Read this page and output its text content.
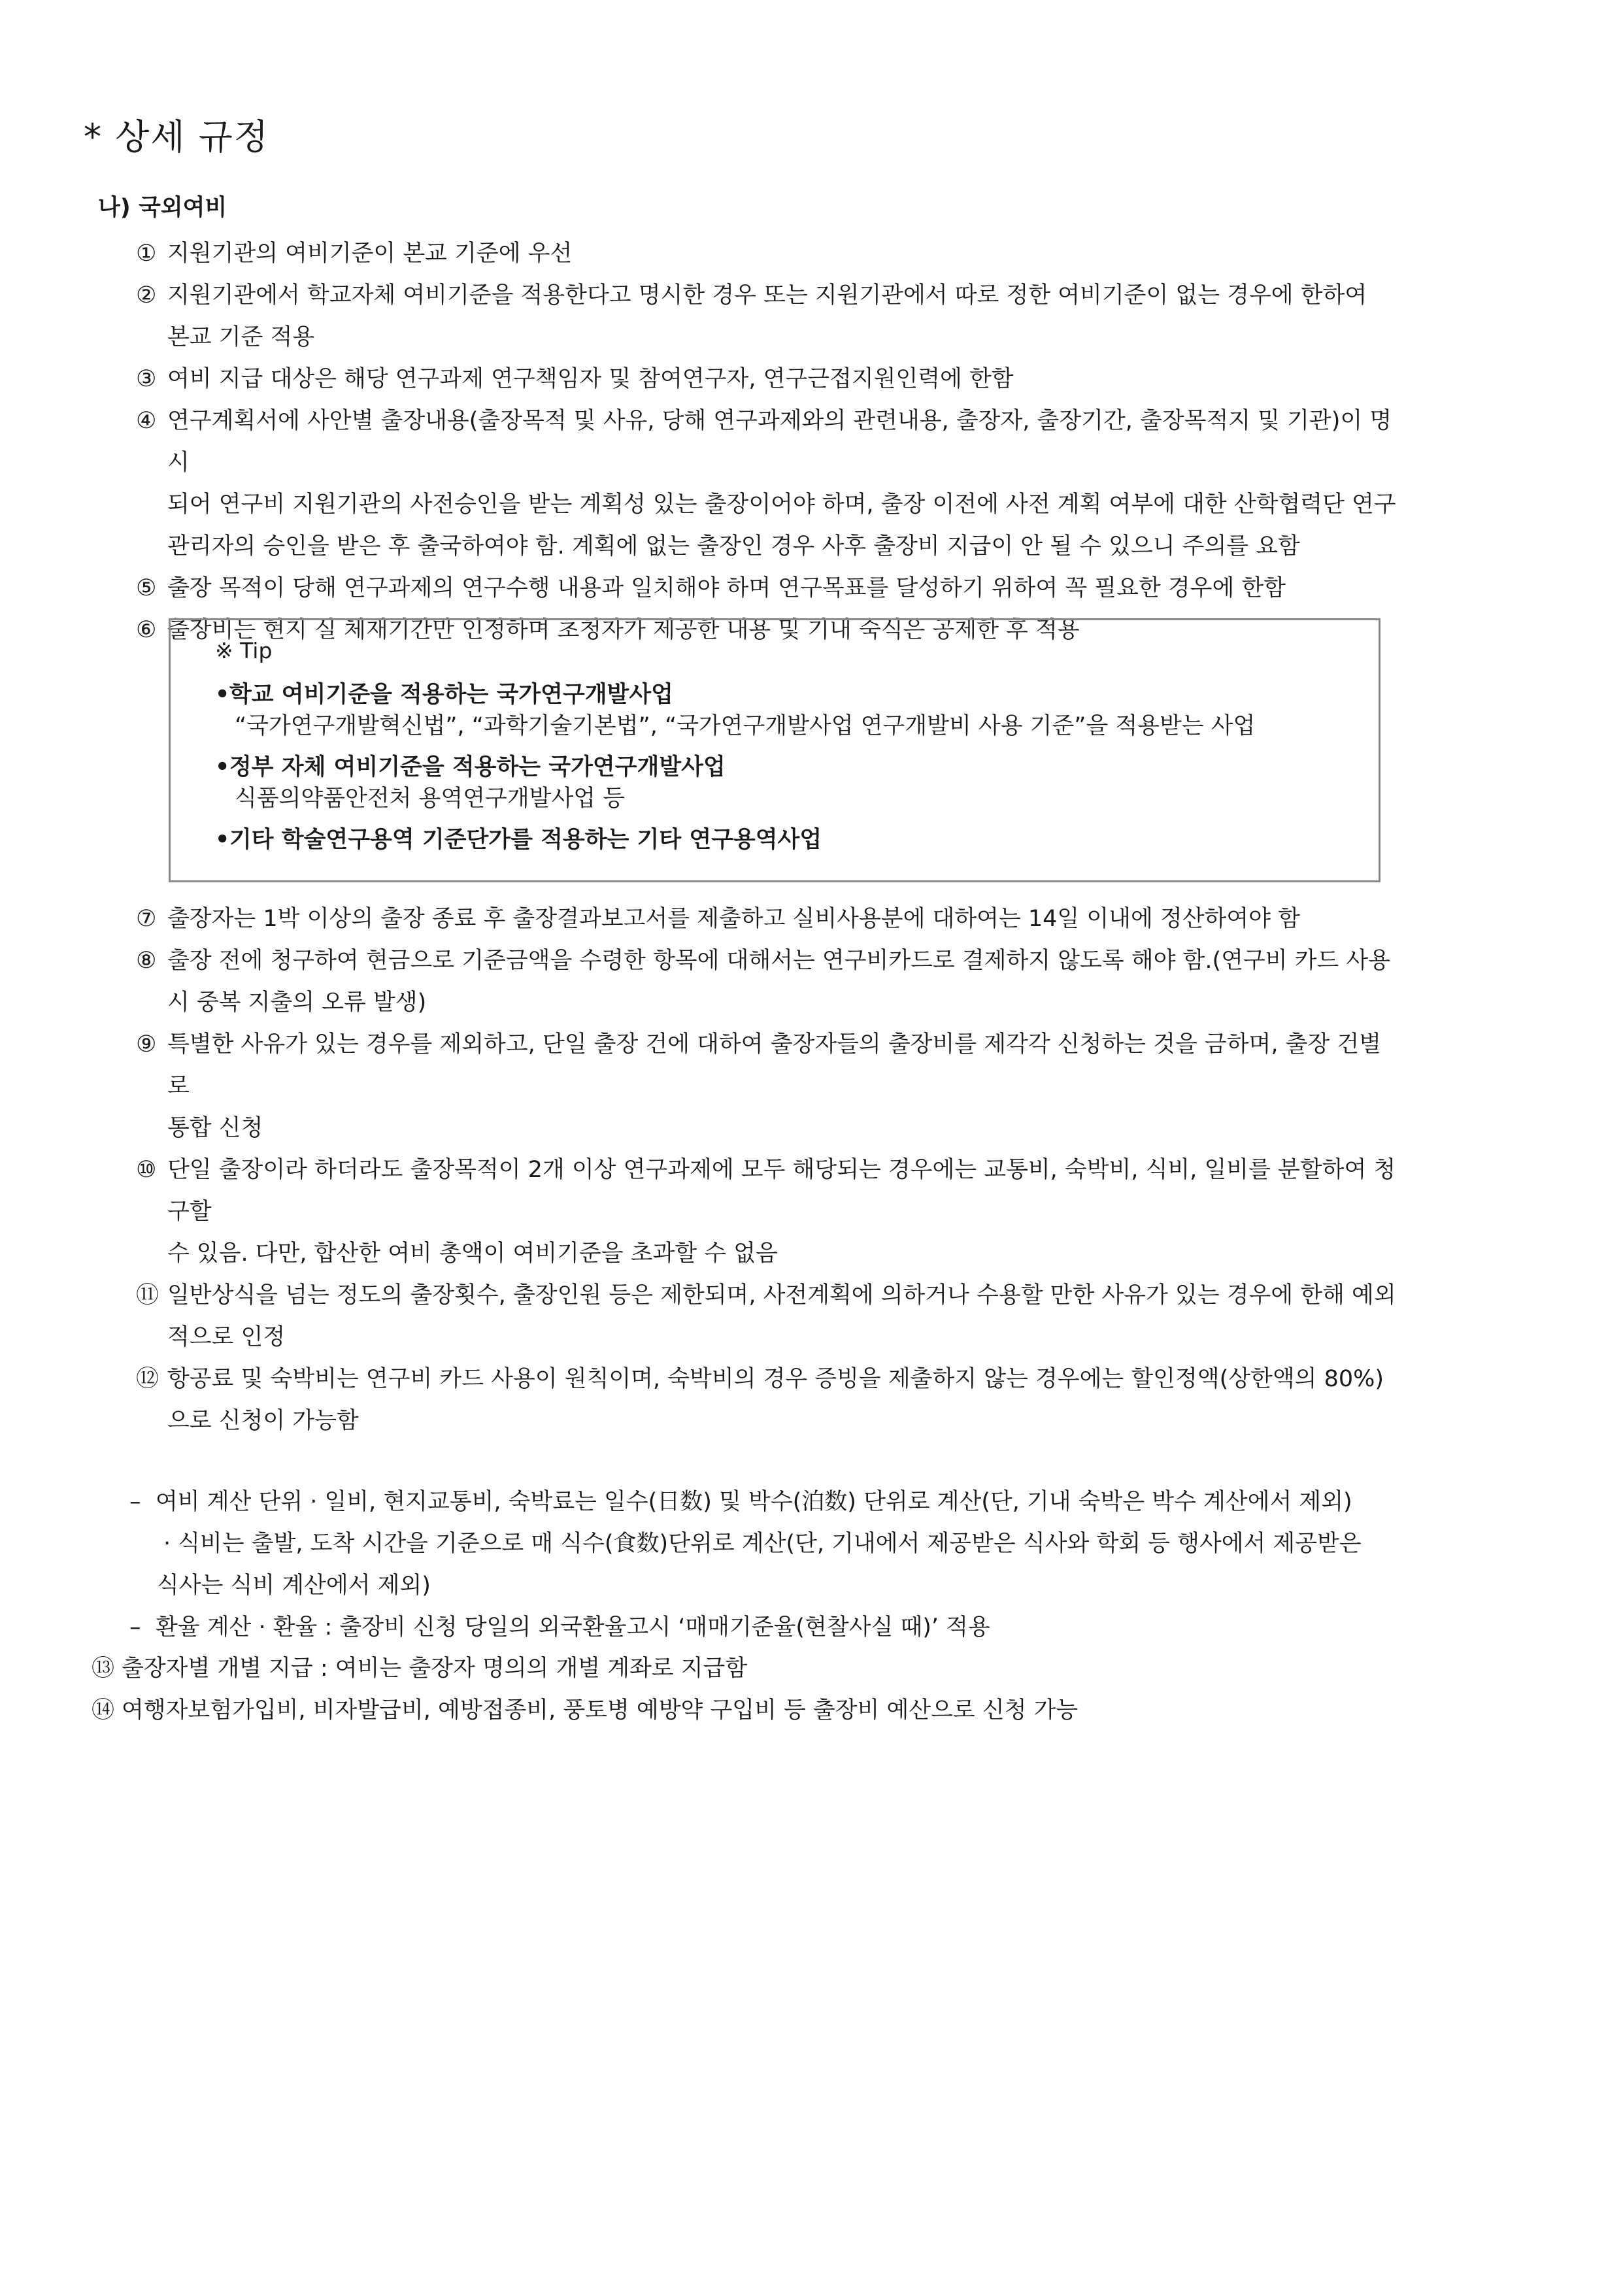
* 상세 규정
나) 국외여비
① 지원기관의 여비기준이 본교 기준에 우선
② 지원기관에서 학교자체 여비기준을 적용한다고 명시한 경우 또는 지원기관에서 따로 정한 여비기준이 없는 경우에 한하여
본교 기준 적용
③ 여비 지급 대상은 해당 연구과제 연구책임자 및 참여연구자, 연구근접지원인력에 한함
④ 연구계획서에 사안별 출장내용(출장목적 및 사유, 당해 연구과제와의 관련내용, 출장자, 출장기간, 출장목적지 및 기관)이 명시
되어 연구비 지원기관의 사전승인을 받는 계획성 있는 출장이어야 하며, 출장 이전에 사전 계획 여부에 대한 산학협력단 연구
관리자의 승인을 받은 후 출국하여야 함. 계획에 없는 출장인 경우 사후 출장비 지급이 안 될 수 있으니 주의를 요함
⑤ 출장 목적이 당해 연구과제의 연구수행 내용과 일치해야 하며 연구목표를 달성하기 위하여 꼭 필요한 경우에 한함
⑥ 출장비는 현지 실 체재기간만 인정하며 초청자가 제공한 내용 및 기내 숙식은 공제한 후 적용
※ Tip
•학교 여비기준을 적용하는 국가연구개발사업
“국가연구개발혁신법”, “과학기술기본법”, “국가연구개발사업 연구개발비 사용 기준”을 적용받는 사업
•정부 자체 여비기준을 적용하는 국가연구개발사업
식품의약품안전처 용역연구개발사업 등
•기타 학술연구용역 기준단가를 적용하는 기타 연구용역사업
⑦ 출장자는 1박 이상의 출장 종료 후 출장결과보고서를 제출하고 실비사용분에 대하여는 14일 이내에 정산하여야 함
⑧ 출장 전에 청구하여 현금으로 기준금액을 수령한 항목에 대해서는 연구비카드로 결제하지 않도록 해야 함.(연구비 카드 사용
시 중복 지출의 오류 발생)
⑨ 특별한 사유가 있는 경우를 제외하고, 단일 출장 건에 대하여 출장자들의 출장비를 제각각 신청하는 것을 금하며, 출장 건별로
통합 신청
⑩ 단일 출장이라 하더라도 출장목적이 2개 이상 연구과제에 모두 해당되는 경우에는 교통비, 숙박비, 식비, 일비를 분할하여 청구할
수 있음. 다만, 합산한 여비 총액이 여비기준을 초과할 수 없음
⑪ 일반상식을 넘는 정도의 출장횟수, 출장인원 등은 제한되며, 사전계획에 의하거나 수용할 만한 사유가 있는 경우에 한해 예외
적으로 인정
⑫ 항공료 및 숙박비는 연구비 카드 사용이 원칙이며, 숙박비의 경우 증빙을 제출하지 않는 경우에는 할인정액(상한액의 80%)
으로 신청이 가능함
– 여비 계산 단위 · 일비, 현지교통비, 숙박료는 일수(日数) 및 박수(泊数) 단위로 계산(단, 기내 숙박은 박수 계산에서 제외)
· 식비는 출발, 도착 시간을 기준으로 매 식수(食数)단위로 계산(단, 기내에서 제공받은 식사와 학회 등 행사에서 제공받은
식사는 식비 계산에서 제외)
– 환율 계산 · 환율 : 출장비 신청 당일의 외국환율고시 ‘매매기준율(현찰사실 때)’ 적용
⑬ 출장자별 개별 지급 : 여비는 출장자 명의의 개별 계좌로 지급함
⑭ 여행자보험가입비, 비자발급비, 예방접종비, 풍토병 예방약 구입비 등 출장비 예산으로 신청 가능
